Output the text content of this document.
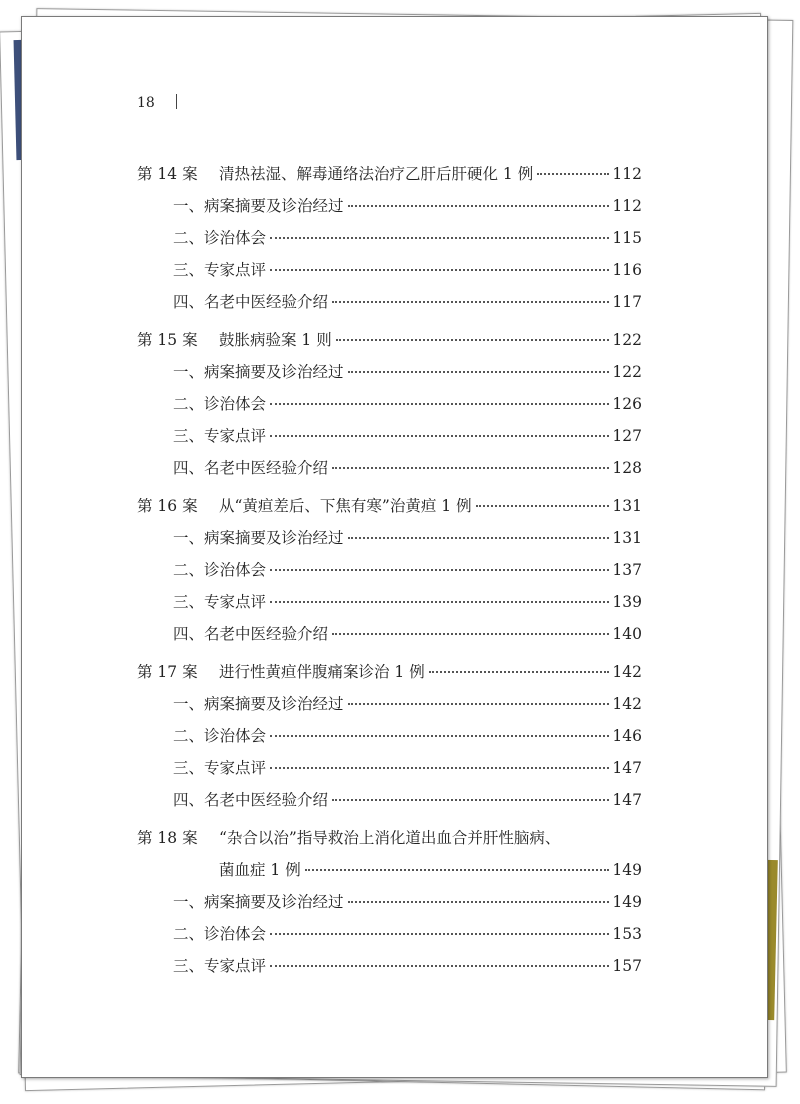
18
第 14 案 清热祛湿、解毒通络法治疗乙肝后肝硬化 1 例	112
一、病案摘要及诊治经过	112
二、诊治体会	115
三、专家点评	116
四、名老中医经验介绍	117
第 15 案 鼓胀病验案 1 则	122
一、病案摘要及诊治经过	122
二、诊治体会	126
三、专家点评	127
四、名老中医经验介绍	128
第 16 案 从“黄疸差后、下焦有寒”治黄疸 1 例	131
一、病案摘要及诊治经过	131
二、诊治体会	137
三、专家点评	139
四、名老中医经验介绍	140
第 17 案 进行性黄疸伴腹痛案诊治 1 例	142
一、病案摘要及诊治经过	142
二、诊治体会	146
三、专家点评	147
四、名老中医经验介绍	147
第 18 案 “杂合以治”指导救治上消化道出血合并肝性脑病、
菌血症 1 例	149
一、病案摘要及诊治经过	149
二、诊治体会	153
三、专家点评	157
